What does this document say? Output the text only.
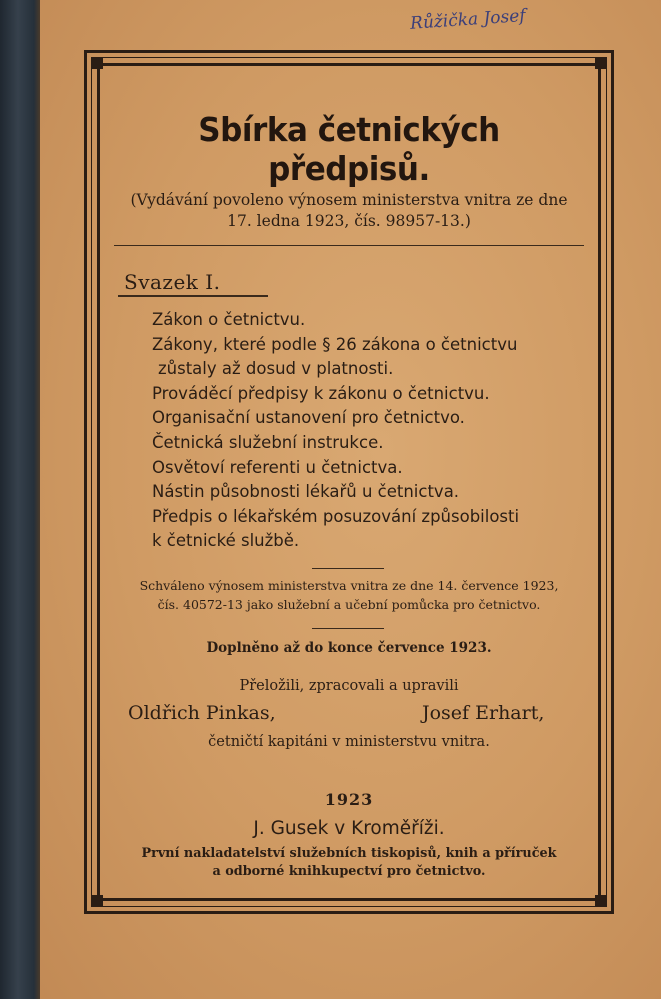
Růžička Josef
Sbírka četnických předpisů.
(Vydávání povoleno výnosem ministerstva vnitra ze dne
17. ledna 1923, čís. 98957-13.)
Svazek I.
Zákon o četnictvu.
Zákony, které podle § 26 zákona o četnictvu
zůstaly až dosud v platnosti.
Prováděcí předpisy k zákonu o četnictvu.
Organisační ustanovení pro četnictvo.
Četnická služební instrukce.
Osvětoví referenti u četnictva.
Nástin působnosti lékařů u četnictva.
Předpis o lékařském posuzování způsobilosti
k četnické službě.
Schváleno výnosem ministerstva vnitra ze dne 14. července 1923,
čís. 40572-13 jako služební a učební pomůcka pro četnictvo.
Doplněno až do konce července 1923.
Přeložili, zpracovali a upravili
Oldřich Pinkas,	Josef Erhart,
četničtí kapitáni v ministerstvu vnitra.
1923
J. Gusek v Kroměříži.
První nakladatelství služebních tiskopisů, knih a příruček
a odborné knihkupectví pro četnictvo.
